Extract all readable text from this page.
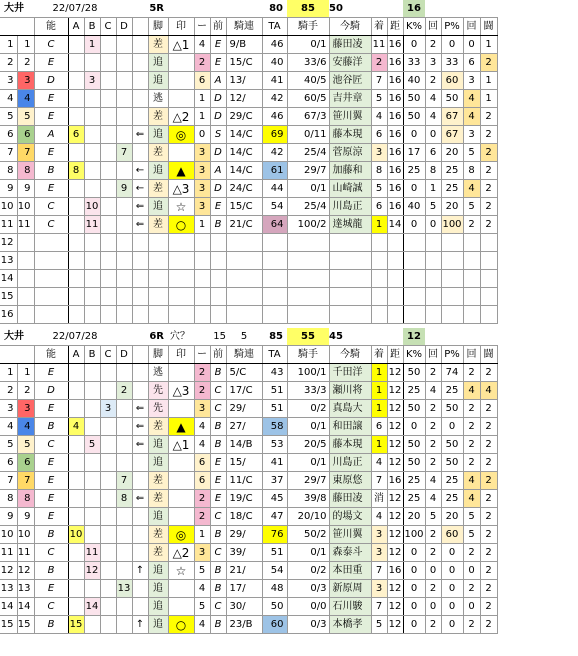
大井		22/07/28				5R							80	85	50			16				
		能	A	B	C	D		脚	印	ー	前	騎連	TA	騎手	今騎	着	距	K%	回	P%	回	闘
1	1	C		1				差	△1	4	E	9/B	46	0/1	藤田凌	11	16	0	2	0	0	1
2	2	E						追		2	E	15/C	40	33/6	安藤洋	2	16	33	3	33	6	2
3	3	D		3				追		6	A	13/	41	40/5	池谷匠	7	16	40	2	60	3	1
4	4	E						逃		1	D	12/	42	60/5	吉井章	5	16	50	4	50	4	1
5	5	E						差	△2	1	D	29/C	46	67/3	笹川翼	4	16	50	4	67	4	2
6	6	A	6				⇐	追	◎	0	S	14/C	69	0/11	藤本現	6	16	0	0	67	3	2
7	7	E				7		差		3	D	14/C	42	25/4	菅原涼	3	16	17	6	20	5	2
8	8	B	8				←	追	▲	3	A	14/C	61	29/7	加藤和	8	16	25	8	25	8	2
9	9	E				9	←	差	△3	3	D	24/C	44	0/1	山崎誠	5	16	0	1	25	4	2
10	10	C		10			⇐	追	☆	3	E	15/C	54	25/4	川島正	6	16	40	5	20	5	2
11	11	C		11			⇐	差	○	1	B	21/C	64	100/2	達城龍	1	14	0	0	100	2	2
12																						
13																						
14																						
15																						
16																						
大井		22/07/28				6R			穴？		15	5	85	55	45			12				
		能	A	B	C	D		脚	印	ー	前	騎連	TA	騎手	今騎	着	距	K%	回	P%	回	闘
1	1	E						逃		2	B	5/C	43	100/1	千田洋	1	12	50	2	74	2	2
2	2	D				2		先	△3	2	C	17/C	51	33/3	瀬川将	1	12	25	4	25	4	4
3	3	E			3		⇐	先		3	C	29/	51	0/2	真島大	1	12	50	2	50	2	2
4	4	B	4				⇐	差	▲	4	B	27/	58	0/1	和田譲	6	12	0	2	0	2	2
5	5	C		5			⇐	追	△1	4	B	14/B	53	20/5	藤本現	1	12	50	2	50	2	2
6	6	E						追		6	E	15/	41	0/1	川島正	4	12	50	2	50	2	2
7	7	E				7		差		6	E	11/C	37	29/7	東原悠	7	16	25	4	25	4	2
8	8	E				8	⇐	差		2	E	19/C	45	39/8	藤田凌	消	12	25	4	25	4	2
9	9	E						追		2	C	18/C	47	20/10	的場文	4	12	20	5	20	5	2
10	10	B	10					差	◎	1	B	29/	76	50/2	笹川翼	3	12	100	2	60	5	2
11	11	C		11				差	△2	3	C	39/	51	0/1	森泰斗	3	12	0	2	0	2	2
12	12	B		12			↑	追	☆	5	B	21/	54	0/2	本田重	7	16	0	0	0	0	2
13	13	E				13		追		4	B	17/	48	0/3	新原周	3	12	0	2	0	2	2
14	14	C		14				追		5	C	30/	50	0/0	石川駿	7	12	0	0	0	0	2
15	15	B	15				↑	追	○	4	B	23/B	60	0/3	本橋孝	5	12	0	2	0	2	2
